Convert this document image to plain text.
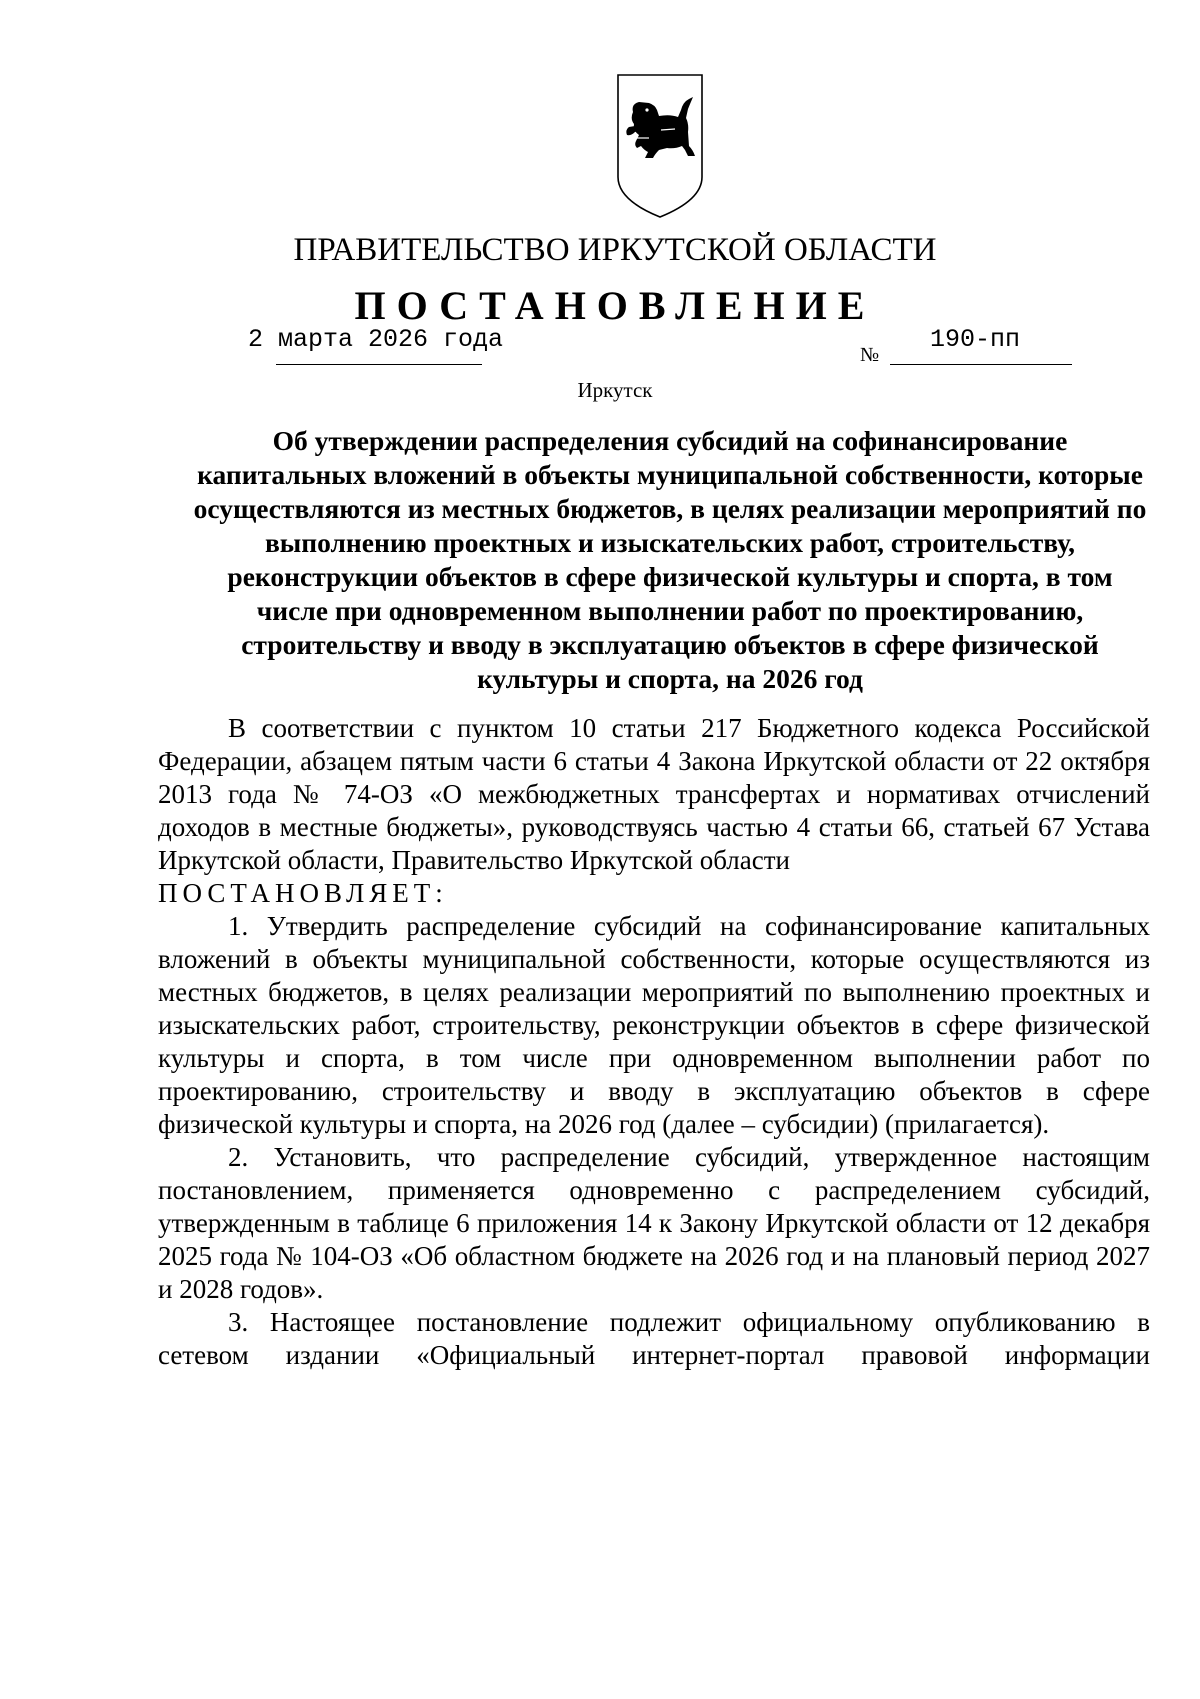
ПРАВИТЕЛЬСТВО ИРКУТСКОЙ ОБЛАСТИ
ПОСТАНОВЛЕНИЕ
2 марта 2026 года
№
190-пп
Иркутск
Об утверждении распределения субсидий на софинансирование капитальных вложений в объекты муниципальной собственности, которые осуществляются из местных бюджетов, в целях реализации мероприятий по выполнению проектных и изыскательских работ, строительству, реконструкции объектов в сфере физической культуры и спорта, в том числе при одновременном выполнении работ по проектированию, строительству и вводу в эксплуатацию объектов в сфере физической культуры и спорта, на 2026 год

В соответствии с пунктом 10 статьи 217 Бюджетного кодекса Российской Федерации, абзацем пятым части 6 статьи 4 Закона Иркутской области от 22 октября 2013 года № 74-ОЗ «О межбюджетных трансфертах и нормативах отчислений доходов в местные бюджеты», руководствуясь частью 4 статьи 66, статьей 67 Устава Иркутской области, Правительство Иркутской области
ПОСТАНОВЛЯЕТ:

1. Утвердить распределение субсидий на софинансирование капитальных вложений в объекты муниципальной собственности, которые осуществляются из местных бюджетов, в целях реализации мероприятий по выполнению проектных и изыскательских работ, строительству, реконструкции объектов в сфере физической культуры и спорта, в том числе при одновременном выполнении работ по проектированию, строительству и вводу в эксплуатацию объектов в сфере физической культуры и спорта, на 2026 год (далее – субсидии) (прилагается).

2. Установить, что распределение субсидий, утвержденное настоящим постановлением, применяется одновременно с распределением субсидий, утвержденным в таблице 6 приложения 14 к Закону Иркутской области от 12 декабря 2025 года № 104-ОЗ «Об областном бюджете на 2026 год и на плановый период 2027 и 2028 годов».

3. Настоящее постановление подлежит официальному опубликованию в сетевом издании «Официальный интернет-портал правовой информации
